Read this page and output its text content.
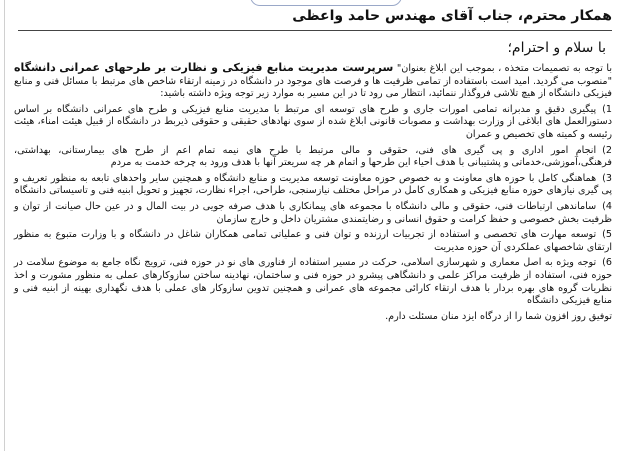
همکار محترم، جناب آقای مهندس حامد واعظی
با سلام و احترام؛

با توجه به تصمیمات متخذه ، بموجب این ابلاغ بعنوان" سرپرست مدیریت منابع فیزیکی و نظارت بر طرحهای عمرانی دانشگاه "منصوب می گردید. امید است باستفاده از تمامی ظرفیت ها و فرصت های موجود در دانشگاه در زمینه ارتقاء شاخص های مرتبط با مسائل فنی و منابع فیزیکی دانشگاه از هیچ تلاشی فروگذار ننمائید، انتظار می رود تا در این مسیر به موارد زیر توجه ویژه داشته باشید:

1)پیگیری دقیق و مدبرانه تمامی امورات جاری و طرح های توسعه ای مرتبط با مدیریت منابع فیزیکی و طرح های عمرانی دانشگاه بر اساس دستورالعمل های ابلاغی از وزارت بهداشت و مصوبات قانونی ابلاغ شده از سوی نهادهای حقیقی و حقوقی ذیربط در دانشگاه از قبیل هیئت امناء، هیئت رئیسه و کمیته های تخصیص و عمران

2)انجام امور اداری و پی گیری های فنی، حقوقی و مالی مرتبط با طرح های نیمه تمام اعم از طرح های بیمارستانی، بهداشتی، فرهنگی،آموزشی،خدماتی و پشتیبانی با هدف احیاء این طرحها و اتمام هر چه سریعتر آنها با هدف ورود به چرخه خدمت به مردم

3)هماهنگی کامل با حوزه های معاونت و به خصوص حوزه معاونت توسعه مدیریت و منابع دانشگاه و همچنین سایر واحدهای تابعه به منظور تعریف و پی گیری نیازهای حوزه منابع فیزیکی و همکاری کامل در مراحل مختلف نیازسنجی، طراحی، اجراء نظارت، تجهیز و تحویل ابنیه فنی و تاسیساتی دانشگاه

4)ساماندهی ارتباطات فنی، حقوقی و مالی دانشگاه با مجموعه های پیمانکاری با هدف صرفه جویی در بیت المال و در عین حال صیانت از توان و ظرفیت بخش خصوصی و حفظ کرامت و حقوق انسانی و رضایتمندی مشتریان داخل و خارج سازمان

5)توسعه مهارت های تخصصی و استفاده از تجربیات ارزنده و توان فنی و عملیاتی تمامی همکاران شاغل در دانشگاه و با وزارت متبوع به منظور ارتقای شاخصهای عملکردی آن حوزه مدیریت

6)توجه ویژه به اصل معماری و شهرسازی اسلامی، حرکت در مسیر استفاده از فناوری های نو در حوزه فنی، ترویج نگاه جامع به موضوع سلامت در حوزه فنی، استفاده از ظرفیت مراکز علمی و دانشگاهی پیشرو در حوزه فنی و ساختمان، نهادینه ساختن سازوکارهای عملی به منظور مشورت و اخذ نظریات گروه های بهره بردار با هدف ارتقاء کارائی مجموعه های عمرانی و همچنین تدوین سازوکار های عملی با هدف نگهداری بهینه از ابنیه فنی و منابع فیزیکی دانشگاه

توفیق روز افزون شما را از درگاه ایزد منان مسئلت دارم.
